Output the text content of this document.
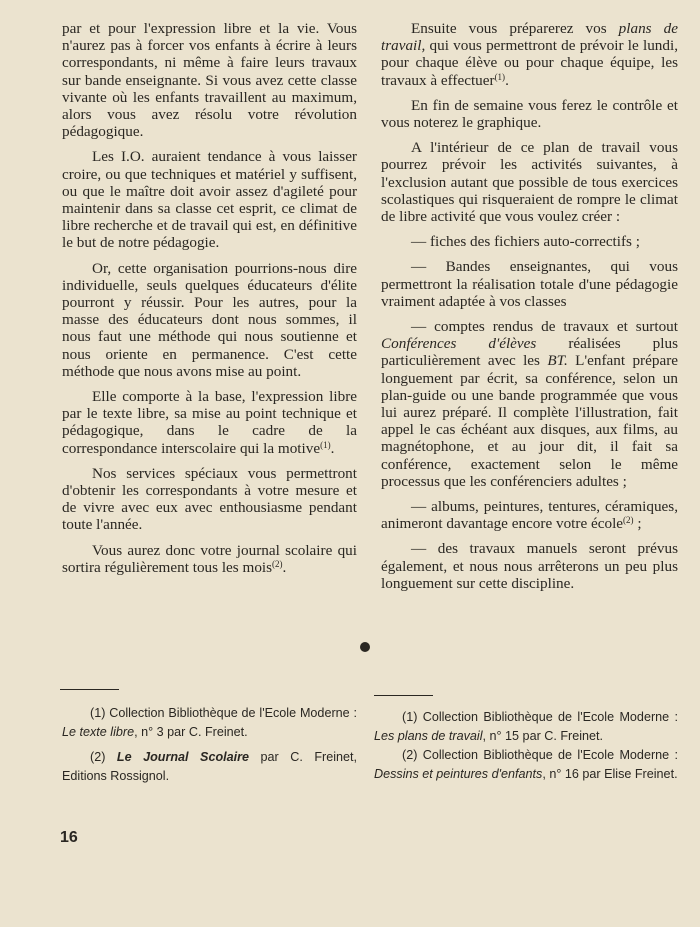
par et pour l'expression libre et la vie. Vous n'aurez pas à forcer vos enfants à écrire à leurs correspondants, ni même à faire leurs travaux sur bande enseignante. Si vous avez cette classe vivante où les enfants travaillent au maximum, alors vous avez résolu votre révolution pédagogique.

Les I.O. auraient tendance à vous laisser croire, ou que techniques et matériel y suffisent, ou que le maître doit avoir assez d'agileté pour maintenir dans sa classe cet esprit, ce climat de libre recherche et de travail qui est, en définitive le but de notre pédagogie.

Or, cette organisation pourrions-nous dire individuelle, seuls quelques éducateurs d'élite pourront y réussir. Pour les autres, pour la masse des éducateurs dont nous sommes, il nous faut une méthode qui nous soutienne et nous oriente en permanence. C'est cette méthode que nous avons mise au point.

Elle comporte à la base, l'expression libre par le texte libre, sa mise au point technique et pédagogique, dans le cadre de la correspondance interscolaire qui la motive$^{(1)}$.

Nos services spéciaux vous permettront d'obtenir les correspondants à votre mesure et de vivre avec eux avec enthousiasme pendant toute l'année.

Vous aurez donc votre journal scolaire qui sortira régulièrement tous les mois$^{(2)}$.

Ensuite vous préparerez vos plans de travail, qui vous permettront de prévoir le lundi, pour chaque élève ou pour chaque équipe, les travaux à effectuer$^{(1)}$.

En fin de semaine vous ferez le contrôle et vous noterez le graphique.

A l'intérieur de ce plan de travail vous pourrez prévoir les activités suivantes, à l'exclusion autant que possible de tous exercices scolastiques qui risqueraient de rompre le climat de libre activité que vous voulez créer :

— fiches des fichiers auto-correctifs ;

— Bandes enseignantes, qui vous permettront la réalisation totale d'une pédagogie vraiment adaptée à vos classes

— comptes rendus de travaux et surtout Conférences d'élèves réalisées plus particulièrement avec les BT. L'enfant prépare longuement par écrit, sa conférence, selon un plan-guide ou une bande programmée que vous lui aurez préparé. Il complète l'illustration, fait appel le cas échéant aux disques, aux films, au magnétophone, et au jour dit, il fait sa conférence, exactement selon le même processus que les conférenciers adultes ;

— albums, peintures, tentures, céramiques, animeront davantage encore votre école$^{(2)}$ ;

— des travaux manuels seront prévus également, et nous nous arrêterons un peu plus longuement sur cette discipline.

(1) Collection Bibliothèque de l'Ecole Moderne : Le texte libre, n° 3 par C. Freinet.

(2) Le Journal Scolaire par C. Freinet, Editions Rossignol.

(1) Collection Bibliothèque de l'Ecole Moderne : Les plans de travail, n° 15 par C. Freinet.

(2) Collection Bibliothèque de l'Ecole Moderne : Dessins et peintures d'enfants, n° 16 par Elise Freinet.

16
